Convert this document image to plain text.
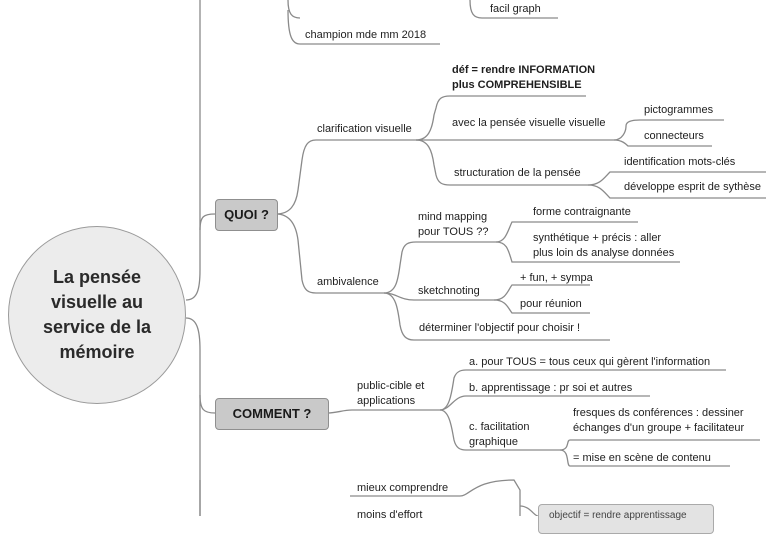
facil graph
champion mde mm 2018
La pensée
visuelle au
service de la
mémoire
QUOI ?
clarification visuelle
déf = rendre INFORMATION
plus COMPREHENSIBLE
avec la pensée visuelle visuelle
pictogrammes
connecteurs
structuration de la pensée
identification mots-clés
développe esprit de sythèse
ambivalence
mind mapping
pour TOUS ??
forme contraignante
synthétique + précis : aller
plus loin ds analyse données
sketchnoting
+ fun, + sympa
pour réunion
déterminer l'objectif pour choisir !
COMMENT ?
public-cible et
applications
a. pour TOUS = tous ceux qui gèrent l'information
b. apprentissage : pr soi et autres
c. facilitation
graphique
fresques ds conférences : dessiner
échanges d'un groupe + facilitateur
= mise en scène de contenu
mieux comprendre
moins d'effort	objectif = rendre apprentissage
